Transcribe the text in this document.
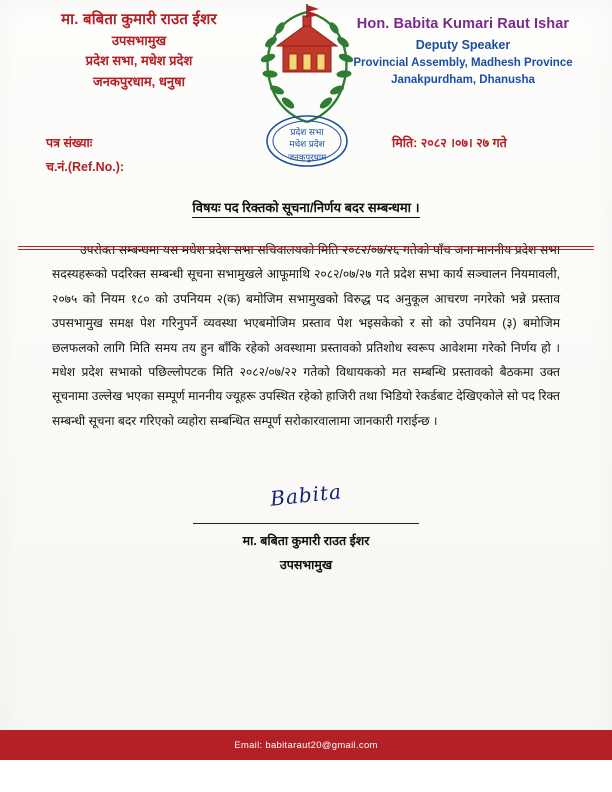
मा. बबिता कुमारी राउत ईशर
उपसभामुख
प्रदेश सभा, मधेश प्रदेश
जनकपुरधाम, धनुषा
Hon. Babita Kumari Raut Ishar
Deputy Speaker
Provincial Assembly, Madhesh Province
Janakpurdham, Dhanusha
प्रदेश सभा
मधेश प्रदेश
जनकपुरधाम
पत्र संख्याः
च.नं.(Ref.No.):
मिति: २०८२ ।०७। २७ गते
विषयः पद रिक्तको सूचना/निर्णय बदर सम्बन्धमा ।

उपरोक्त सम्बन्धमा यस मधेश प्रदेश सभा सचिवालयको मिति २०८२/०७/२६ गतेको पाँच जना माननीय प्रदेश सभा सदस्यहरूको पदरिक्त सम्बन्धी सूचना सभामुखले आफूमाथि २०८२/०७/२७ गते प्रदेश सभा कार्य सञ्चालन नियमावली, २०७५ को नियम १८० को उपनियम २(क) बमोजिम सभामुखको विरुद्ध पद अनुकूल आचरण नगरेको भन्ने प्रस्ताव उपसभामुख समक्ष पेश गरिनुपर्ने व्यवस्था भएबमोजिम प्रस्ताव पेश भइसकेको र सो को उपनियम (३) बमोजिम छलफलको लागि मिति समय तय हुन बाँकि रहेको अवस्थामा प्रस्तावको प्रतिशोध स्वरूप आवेशमा गरेको निर्णय हो । मधेश प्रदेश सभाको पछिल्लोपटक मिति २०८२/०७/२२ गतेको विधायकको मत सम्बन्धि प्रस्तावको बैठकमा उक्त सूचनामा उल्लेख भएका सम्पूर्ण माननीय ज्यूहरू उपस्थित रहेको हाजिरी तथा भिडियो रेकर्डबाट देखिएकोले सो पद रिक्त सम्बन्धी सूचना बदर गरिएको व्यहोरा सम्बन्धित सम्पूर्ण सरोकारवालामा जानकारी गराईन्छ ।

Babita
मा. बबिता कुमारी राउत ईशर
उपसभामुख
Email: babitaraut20@gmail.com
